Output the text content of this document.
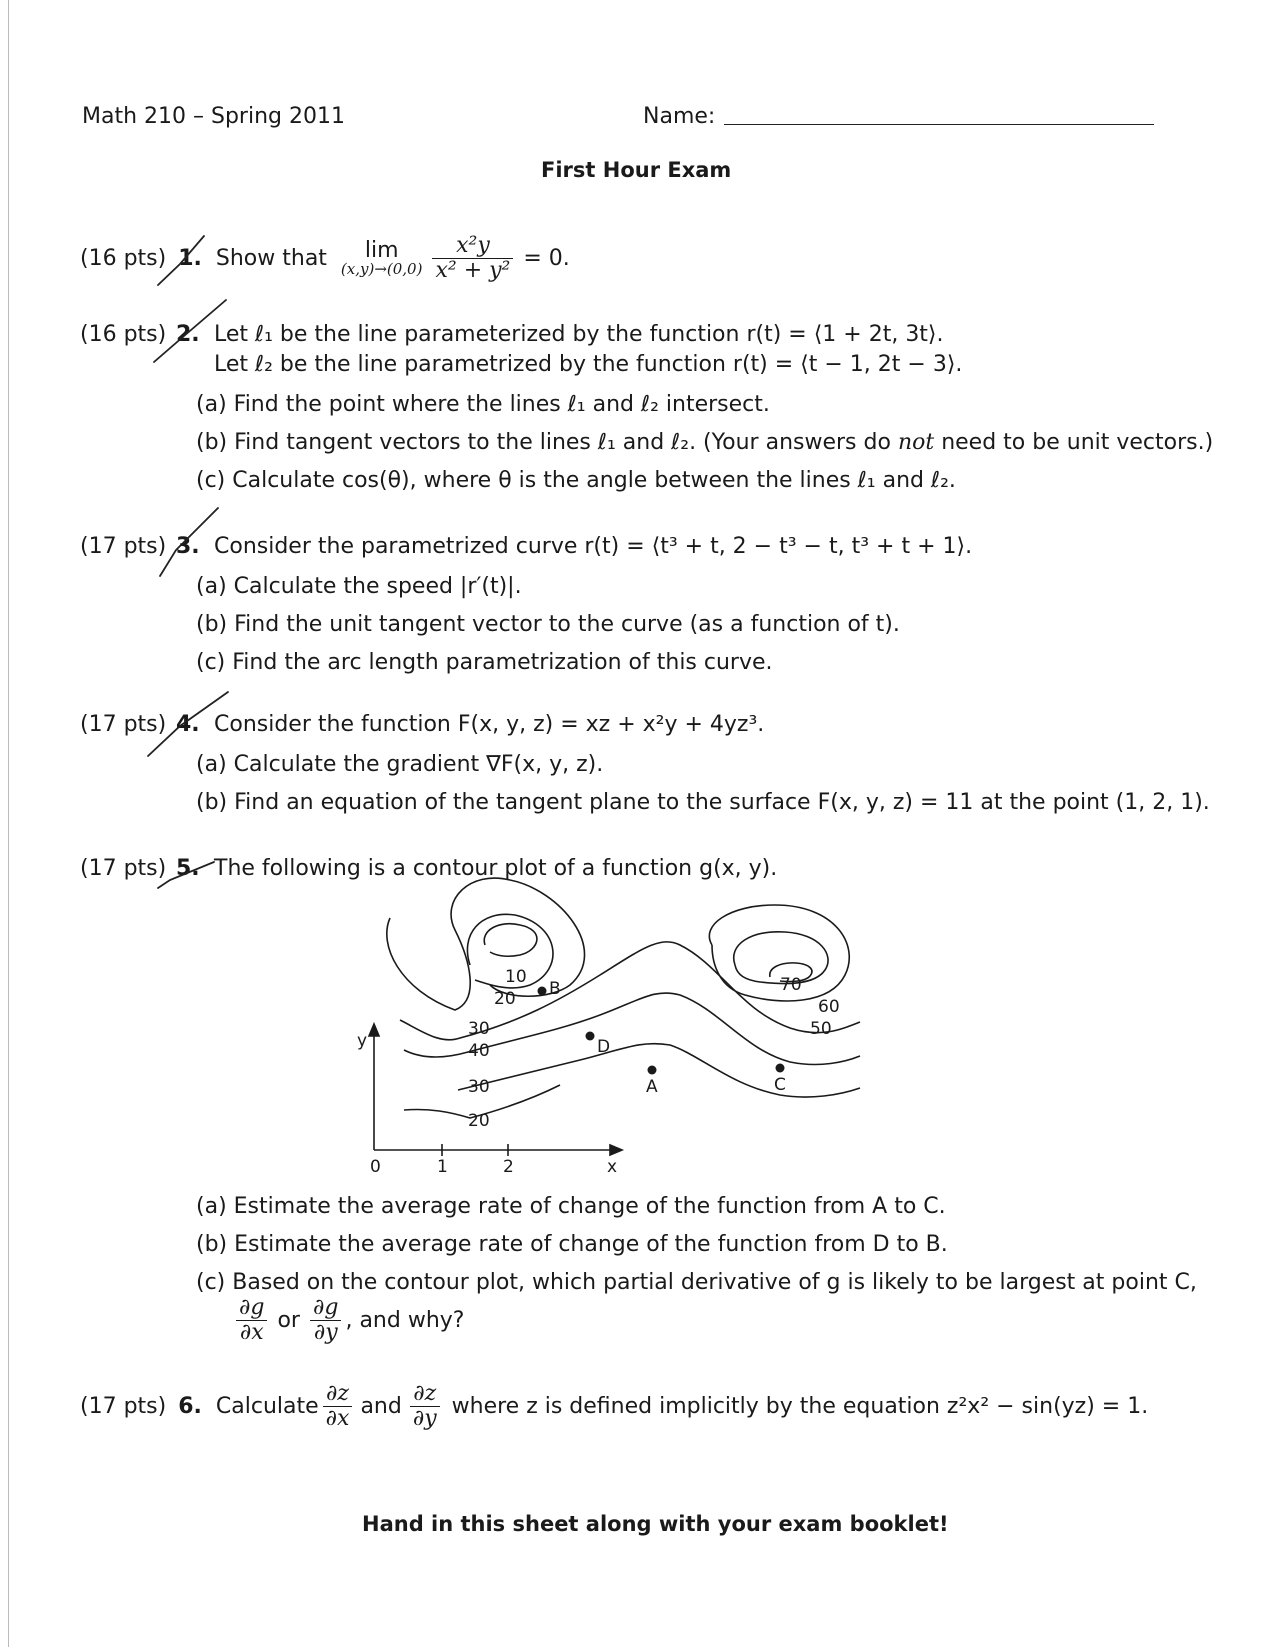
Math 210 – Spring 2011	Name:
First Hour Exam
(16 pts) 1. Show that	lim
$(x,y)\to(0,0) \frac{\text{x²y}}{\text{x² + y²}} = 0$.
(16 pts) 2. Let ℓ₁ be the line parameterized by the function r(t) = ⟨1 + 2t, 3t⟩.
Let ℓ₂ be the line parametrized by the function r(t) = ⟨t − 1, 2t − 3⟩.
(a) Find the point where the lines ℓ₁ and ℓ₂ intersect.
(b) Find tangent vectors to the lines ℓ₁ and ℓ₂. (Your answers do not need to be unit vectors.)
(c) Calculate cos(θ), where θ is the angle between the lines ℓ₁ and ℓ₂.
(17 pts) 3. Consider the parametrized curve r(t) = ⟨t³ + t, 2 − t³ − t, t³ + t + 1⟩.
(a) Calculate the speed |r′(t)|.
(b) Find the unit tangent vector to the curve (as a function of t).
(c) Find the arc length parametrization of this curve.
(17 pts) 4. Consider the function F(x, y, z) = xz + x²y + 4yz³.
(a) Calculate the gradient ∇F(x, y, z).
(b) Find an equation of the tangent plane to the surface F(x, y, z) = 11 at the point (1, 2, 1).
(17 pts) 5. The following is a contour plot of a function g(x, y).
y
x
0	1	2
10
20
30
40
30
20
70
60
50
B
D
A	C
(a) Estimate the average rate of change of the function from A to C.
(b) Estimate the average rate of change of the function from D to B.
(c) Based on the contour plot, which partial derivative of g is likely to be largest at point C,
$\frac{\partial g}{\partial x}$ or $\frac{\partial g}{\partial y}$ , and why?
(17 pts) 6. Calculate $\frac{\partial z}{\partial x}$ and $\frac{\partial z}{\partial y}$ where z is defined implicitly by the equation z²x² − sin(yz) = 1.
Hand in this sheet along with your exam booklet!
